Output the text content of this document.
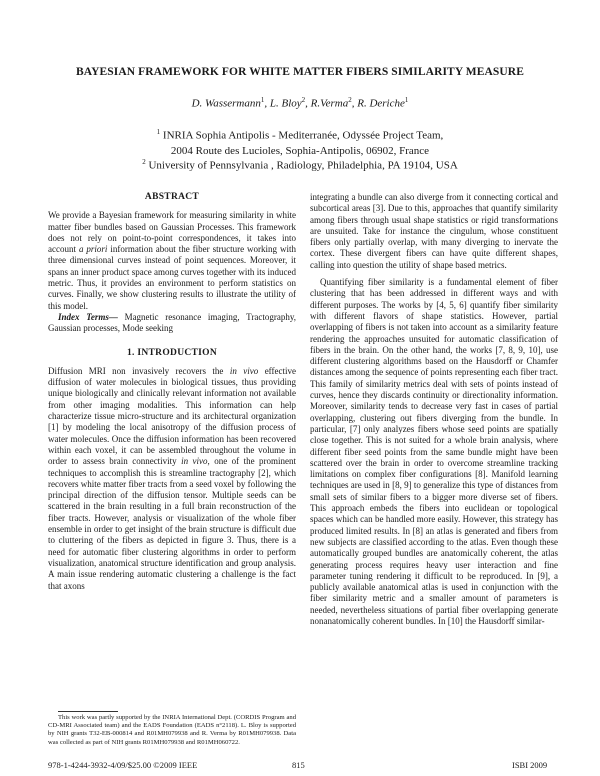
BAYESIAN FRAMEWORK FOR WHITE MATTER FIBERS SIMILARITY MEASURE
D. Wassermann$^1$, L. Bloy$^2$, R.Verma$^2$, R. Deriche$^1$
$^1$ INRIA Sophia Antipolis - Mediterranée, Odyssée Project Team,
2004 Route des Lucioles, Sophia-Antipolis, 06902, France
$^2$ University of Pennsylvania , Radiology, Philadelphia, PA 19104, USA
ABSTRACT

We provide a Bayesian framework for measuring similarity in white matter fiber bundles based on Gaussian Processes. This framework does not rely on point-to-point correspondences, it takes into account a priori information about the fiber structure working with three dimensional curves instead of point sequences. Moreover, it spans an inner product space among curves together with its induced metric. Thus, it provides an environment to perform statistics on curves. Finally, we show clustering results to illustrate the utility of this model.

Index Terms— Magnetic resonance imaging, Tractography, Gaussian processes, Mode seeking

1. INTRODUCTION

Diffusion MRI non invasively recovers the in vivo effective diffusion of water molecules in biological tissues, thus providing unique biologically and clinically relevant information not available from other imaging modalities. This information can help characterize tissue micro-structure and its architectural organization [1] by modeling the local anisotropy of the diffusion process of water molecules. Once the diffusion information has been recovered within each voxel, it can be assembled throughout the volume in order to assess brain connectivity in vivo, one of the prominent techniques to accomplish this is streamline tractography [2], which recovers white matter fiber tracts from a seed voxel by following the principal direction of the diffusion tensor. Multiple seeds can be scattered in the brain resulting in a full brain reconstruction of the fiber tracts. However, analysis or visualization of the whole fiber ensemble in order to get insight of the brain structure is difficult due to cluttering of the fibers as depicted in figure 3. Thus, there is a need for automatic fiber clustering algorithms in order to perform visualization, anatomical structure identification and group analysis. A main issue rendering automatic clustering a challenge is the fact that axons

This work was partly supported by the INRIA International Dept. (CORDIS Program and CD-MRI Associated team) and the EADS Foundation (EADS n°2118). L. Bloy is supported by NIH grants T32-EB-000814 and R01MH079938 and R. Verma by R01MH079938. Data was collected as part of NIH grants R01MH079938 and R01MH060722.

integrating a bundle can also diverge from it connecting cortical and subcortical areas [3]. Due to this, approaches that quantify similarity among fibers through usual shape statistics or rigid transformations are unsuited. Take for instance the cingulum, whose constituent fibers only partially overlap, with many diverging to inervate the cortex. These divergent fibers can have quite different shapes, calling into question the utility of shape based metrics.

Quantifying fiber similarity is a fundamental element of fiber clustering that has been addressed in different ways and with different purposes. The works by [4, 5, 6] quantify fiber similarity with different flavors of shape statistics. However, partial overlapping of fibers is not taken into account as a similarity feature rendering the approaches unsuited for automatic classification of fibers in the brain. On the other hand, the works [7, 8, 9, 10], use different clustering algorithms based on the Hausdorff or Chamfer distances among the sequence of points representing each fiber tract. This family of similarity metrics deal with sets of points instead of curves, hence they discards continuity or directionality information. Moreover, similarity tends to decrease very fast in cases of partial overlapping, clustering out fibers diverging from the bundle. In particular, [7] only analyzes fibers whose seed points are spatially close together. This is not suited for a whole brain analysis, where different fiber seed points from the same bundle might have been scattered over the brain in order to overcome streamline tracking limitations on complex fiber configurations [8]. Manifold learning techniques are used in [8, 9] to generalize this type of distances from small sets of similar fibers to a bigger more diverse set of fibers. This approach embeds the fibers into euclidean or topological spaces which can be handled more easily. However, this strategy has produced limited results. In [8] an atlas is generated and fibers from new subjects are classified according to the atlas. Even though these automatically grouped bundles are anatomically coherent, the atlas generating process requires heavy user interaction and fine parameter tuning rendering it difficult to be reproduced. In [9], a publicly available anatomical atlas is used in conjunction with the fiber similarity metric and a smaller amount of parameters is needed, nevertheless situations of partial fiber overlapping generate nonanatomically coherent bundles. In [10] the Hausdorff similar-

978-1-4244-3932-4/09/$25.00 ©2009 IEEE	815	ISBI 2009
